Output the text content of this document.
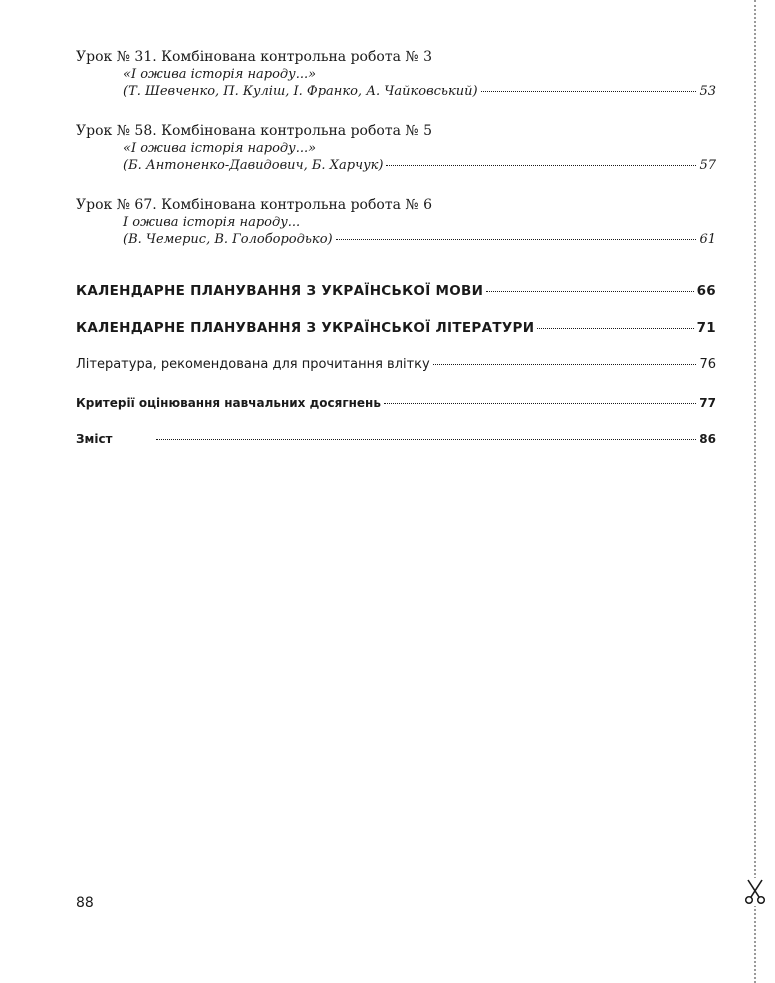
Урок № 31. Комбінована контрольна робота № 3
«І ожива історія народу...»
(Т. Шевченко, П. Куліш, І. Франко, А. Чайковський)	53
Урок № 58. Комбінована контрольна робота № 5
«І ожива історія народу...»
(Б. Антоненко-Давидович, Б. Харчук)	57
Урок № 67. Комбінована контрольна робота № 6
І ожива історія народу...
(В. Чемерис, В. Голобородько)	61
КАЛЕНДАРНЕ ПЛАНУВАННЯ З УКРАЇНСЬКОЇ МОВИ	66
КАЛЕНДАРНЕ ПЛАНУВАННЯ З УКРАЇНСЬКОЇ ЛІТЕРАТУРИ	71
Література, рекомендована для прочитання влітку	76
Критерії оцінювання навчальних досягнень	77
Зміст	86
88
